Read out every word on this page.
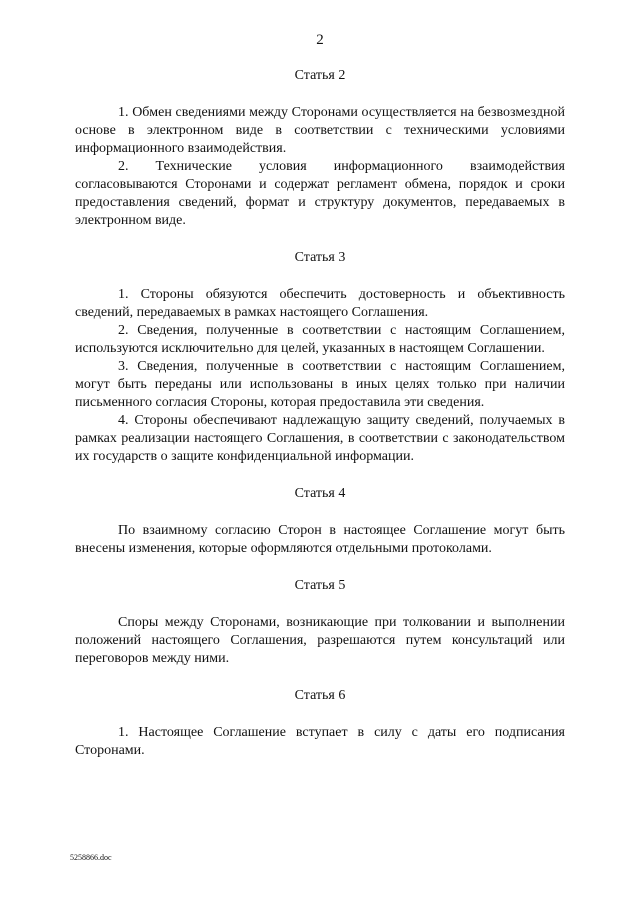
2

Статья 2

1. Обмен сведениями между Сторонами осуществляется на безвозмездной основе в электронном виде в соответствии с техническими условиями информационного взаимодействия.

2. Технические условия информационного взаимодействия согласовываются Сторонами и содержат регламент обмена, порядок и сроки предоставления сведений, формат и структуру документов, передаваемых в электронном виде.

Статья 3

1. Стороны обязуются обеспечить достоверность и объективность сведений, передаваемых в рамках настоящего Соглашения.

2. Сведения, полученные в соответствии с настоящим Соглашением, используются исключительно для целей, указанных в настоящем Соглашении.

3. Сведения, полученные в соответствии с настоящим Соглашением, могут быть переданы или использованы в иных целях только при наличии письменного согласия Стороны, которая предоставила эти сведения.

4. Стороны обеспечивают надлежащую защиту сведений, получаемых в рамках реализации настоящего Соглашения, в соответствии с законодательством их государств о защите конфиденциальной информации.

Статья 4

По взаимному согласию Сторон в настоящее Соглашение могут быть внесены изменения, которые оформляются отдельными протоколами.

Статья 5

Споры между Сторонами, возникающие при толковании и выполнении положений настоящего Соглашения, разрешаются путем консультаций или переговоров между ними.

Статья 6

1. Настоящее Соглашение вступает в силу с даты его подписания Сторонами.

5258866.doc
